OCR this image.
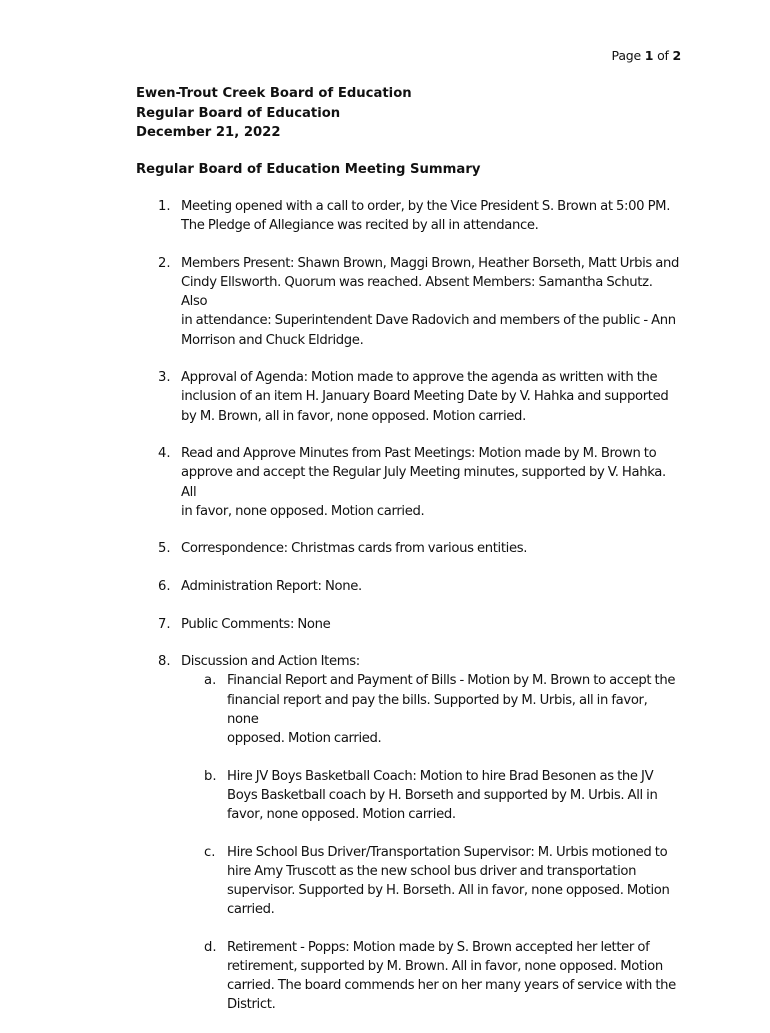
Page 1 of 2
Ewen-Trout Creek Board of Education
Regular Board of Education
December 21, 2022
Regular Board of Education Meeting Summary
1. Meeting opened with a call to order, by the Vice President S. Brown at 5:00 PM.
The Pledge of Allegiance was recited by all in attendance.
2. Members Present: Shawn Brown, Maggi Brown, Heather Borseth, Matt Urbis and
Cindy Ellsworth. Quorum was reached. Absent Members: Samantha Schutz. Also
in attendance: Superintendent Dave Radovich and members of the public - Ann
Morrison and Chuck Eldridge.
3. Approval of Agenda: Motion made to approve the agenda as written with the
inclusion of an item H. January Board Meeting Date by V. Hahka and supported
by M. Brown, all in favor, none opposed. Motion carried.
4. Read and Approve Minutes from Past Meetings: Motion made by M. Brown to
approve and accept the Regular July Meeting minutes, supported by V. Hahka. All
in favor, none opposed. Motion carried.
5. Correspondence: Christmas cards from various entities.
6. Administration Report: None.
7. Public Comments: None
8. Discussion and Action Items:
a. Financial Report and Payment of Bills - Motion by M. Brown to accept the
financial report and pay the bills. Supported by M. Urbis, all in favor, none
opposed. Motion carried.
b. Hire JV Boys Basketball Coach: Motion to hire Brad Besonen as the JV
Boys Basketball coach by H. Borseth and supported by M. Urbis. All in
favor, none opposed. Motion carried.
c. Hire School Bus Driver/Transportation Supervisor: M. Urbis motioned to
hire Amy Truscott as the new school bus driver and transportation
supervisor. Supported by H. Borseth. All in favor, none opposed. Motion
carried.
d. Retirement - Popps: Motion made by S. Brown accepted her letter of
retirement, supported by M. Brown. All in favor, none opposed. Motion
carried. The board commends her on her many years of service with the
District.
